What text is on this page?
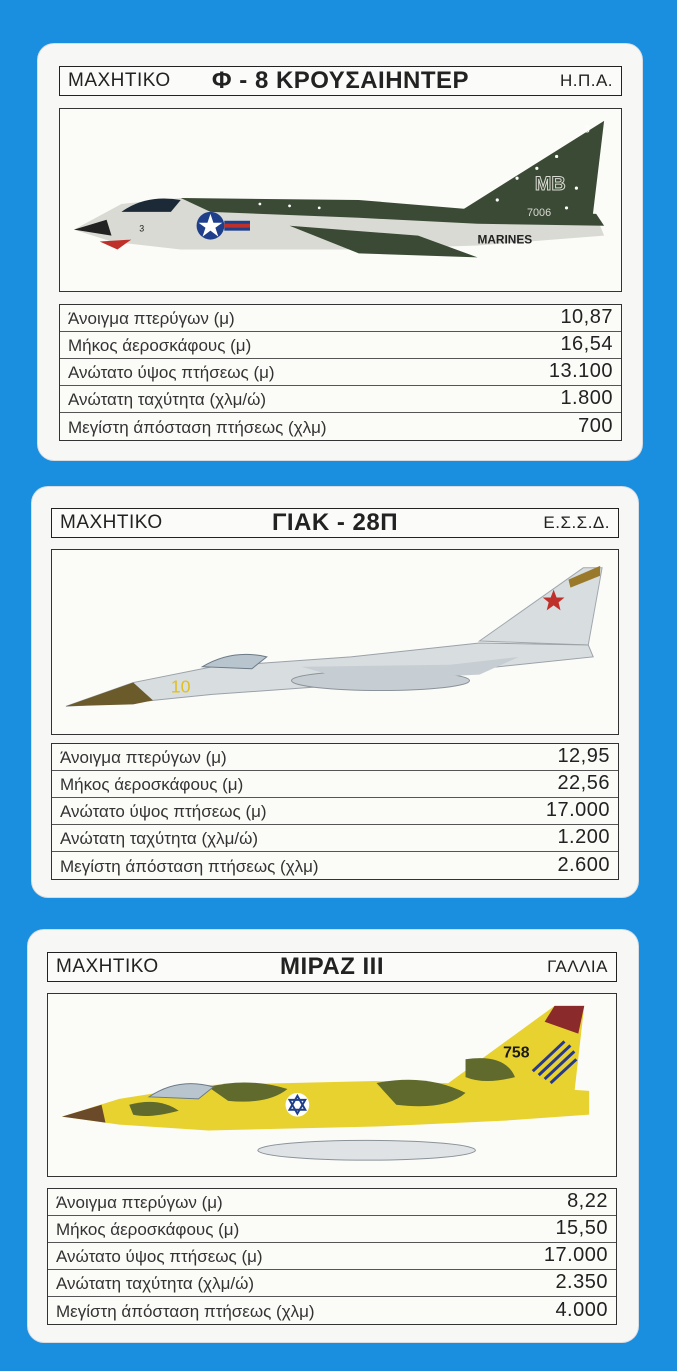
ΜΑΧΗΤΙΚΟ	Φ - 8 ΚΡΟΥΣΑΙΗΝΤΕΡ	Η.Π.Α.
MB
3
7006
MARINES
3
Άνοιγμα πτερύγων (μ)	10,87
Μήκος άεροσκάφους (μ)	16,54
Ανώτατο ύψος πτήσεως (μ)	13.100
Ανώτατη ταχύτητα (χλμ/ώ)	1.800
Μεγίστη άπόσταση πτήσεως (χλμ)	700
ΜΑΧΗΤΙΚΟ	ΓΙΑΚ - 28Π	Ε.Σ.Σ.Δ.
10
Άνοιγμα πτερύγων (μ)	12,95
Μήκος άεροσκάφους (μ)	22,56
Ανώτατο ύψος πτήσεως (μ)	17.000
Ανώτατη ταχύτητα (χλμ/ώ)	1.200
Μεγίστη άπόσταση πτήσεως (χλμ)	2.600
ΜΑΧΗΤΙΚΟ	ΜΙΡΑΖ III	ΓΑΛΛΙΑ
758
Άνοιγμα πτερύγων (μ)	8,22
Μήκος άεροσκάφους (μ)	15,50
Ανώτατο ύψος πτήσεως (μ)	17.000
Ανώτατη ταχύτητα (χλμ/ώ)	2.350
Μεγίστη άπόσταση πτήσεως (χλμ)	4.000
